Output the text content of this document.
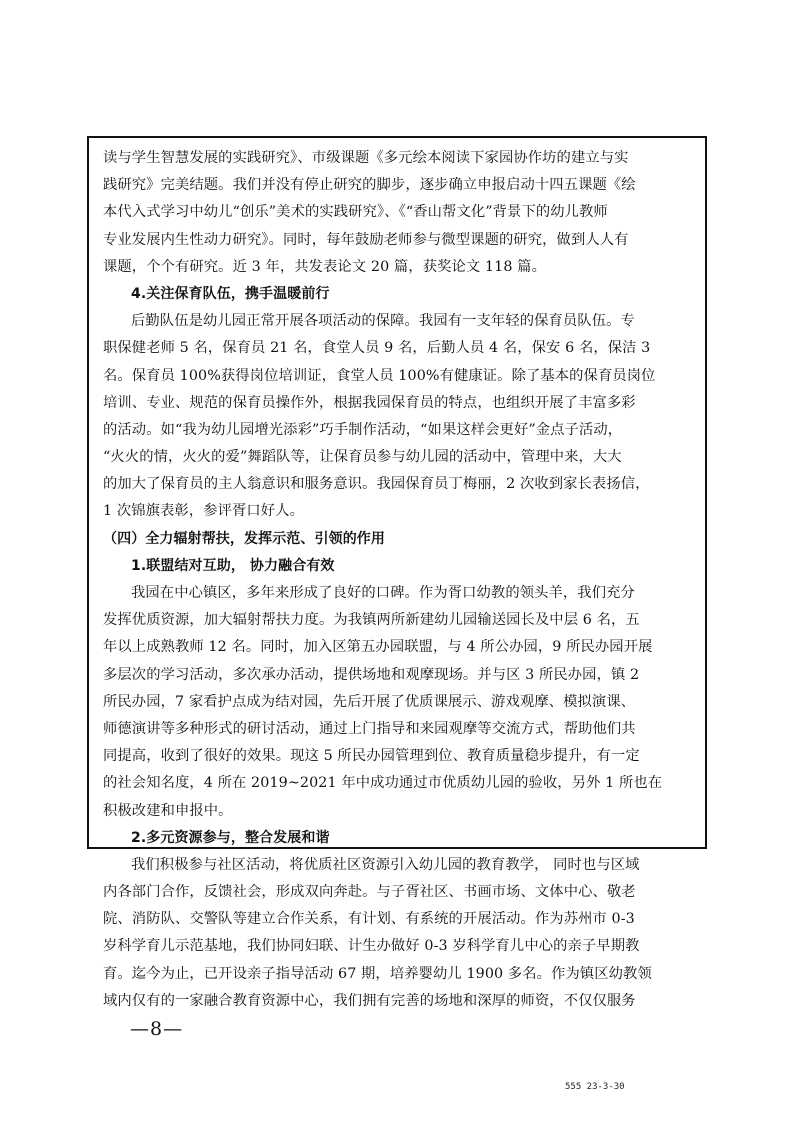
读与学生智慧发展的实践研究》、市级课题《多元绘本阅读下家园协作坊的建立与实
践研究》完美结题。我们并没有停止研究的脚步，逐步确立申报启动十四五课题《绘
本代入式学习中幼儿“创乐”美术的实践研究》、《“香山帮文化”背景下的幼儿教师
专业发展内生性动力研究》。同时，每年鼓励老师参与微型课题的研究，做到人人有
课题，个个有研究。近 3 年，共发表论文 20 篇，获奖论文 118 篇。
4.关注保育队伍，携手温暖前行
后勤队伍是幼儿园正常开展各项活动的保障。我园有一支年轻的保育员队伍。专
职保健老师 5 名，保育员 21 名，食堂人员 9 名，后勤人员 4 名，保安 6 名，保洁 3
名。保育员 100%获得岗位培训证，食堂人员 100%有健康证。除了基本的保育员岗位
培训、专业、规范的保育员操作外，根据我园保育员的特点，也组织开展了丰富多彩
的活动。如“我为幼儿园增光添彩”巧手制作活动，“如果这样会更好”金点子活动，
“火火的情，火火的爱”舞蹈队等，让保育员参与幼儿园的活动中，管理中来，大大
的加大了保育员的主人翁意识和服务意识。我园保育员丁梅丽，2 次收到家长表扬信，
1 次锦旗表彰，参评胥口好人。
（四）全力辐射帮扶，发挥示范、引领的作用
1.联盟结对互助， 协力融合有效
我园在中心镇区，多年来形成了良好的口碑。作为胥口幼教的领头羊，我们充分
发挥优质资源，加大辐射帮扶力度。为我镇两所新建幼儿园输送园长及中层 6 名，五
年以上成熟教师 12 名。同时，加入区第五办园联盟，与 4 所公办园，9 所民办园开展
多层次的学习活动，多次承办活动，提供场地和观摩现场。并与区 3 所民办园，镇 2
所民办园，7 家看护点成为结对园，先后开展了优质课展示、游戏观摩、模拟演课、
师德演讲等多种形式的研讨活动，通过上门指导和来园观摩等交流方式，帮助他们共
同提高，收到了很好的效果。现这 5 所民办园管理到位、教育质量稳步提升，有一定
的社会知名度，4 所在 2019~2021 年中成功通过市优质幼儿园的验收，另外 1 所也在
积极改建和申报中。
2.多元资源参与，整合发展和谐
我们积极参与社区活动，将优质社区资源引入幼儿园的教育教学， 同时也与区域
内各部门合作，反馈社会，形成双向奔赴。与子胥社区、书画市场、文体中心、敬老
院、消防队、交警队等建立合作关系，有计划、有系统的开展活动。作为苏州市 0-3
岁科学育儿示范基地，我们协同妇联、计生办做好 0-3 岁科学育儿中心的亲子早期教
育。迄今为止，已开设亲子指导活动 67 期，培养婴幼儿 1900 多名。作为镇区幼教领
域内仅有的一家融合教育资源中心，我们拥有完善的场地和深厚的师资，不仅仅服务
—8—
555 23-3-30
